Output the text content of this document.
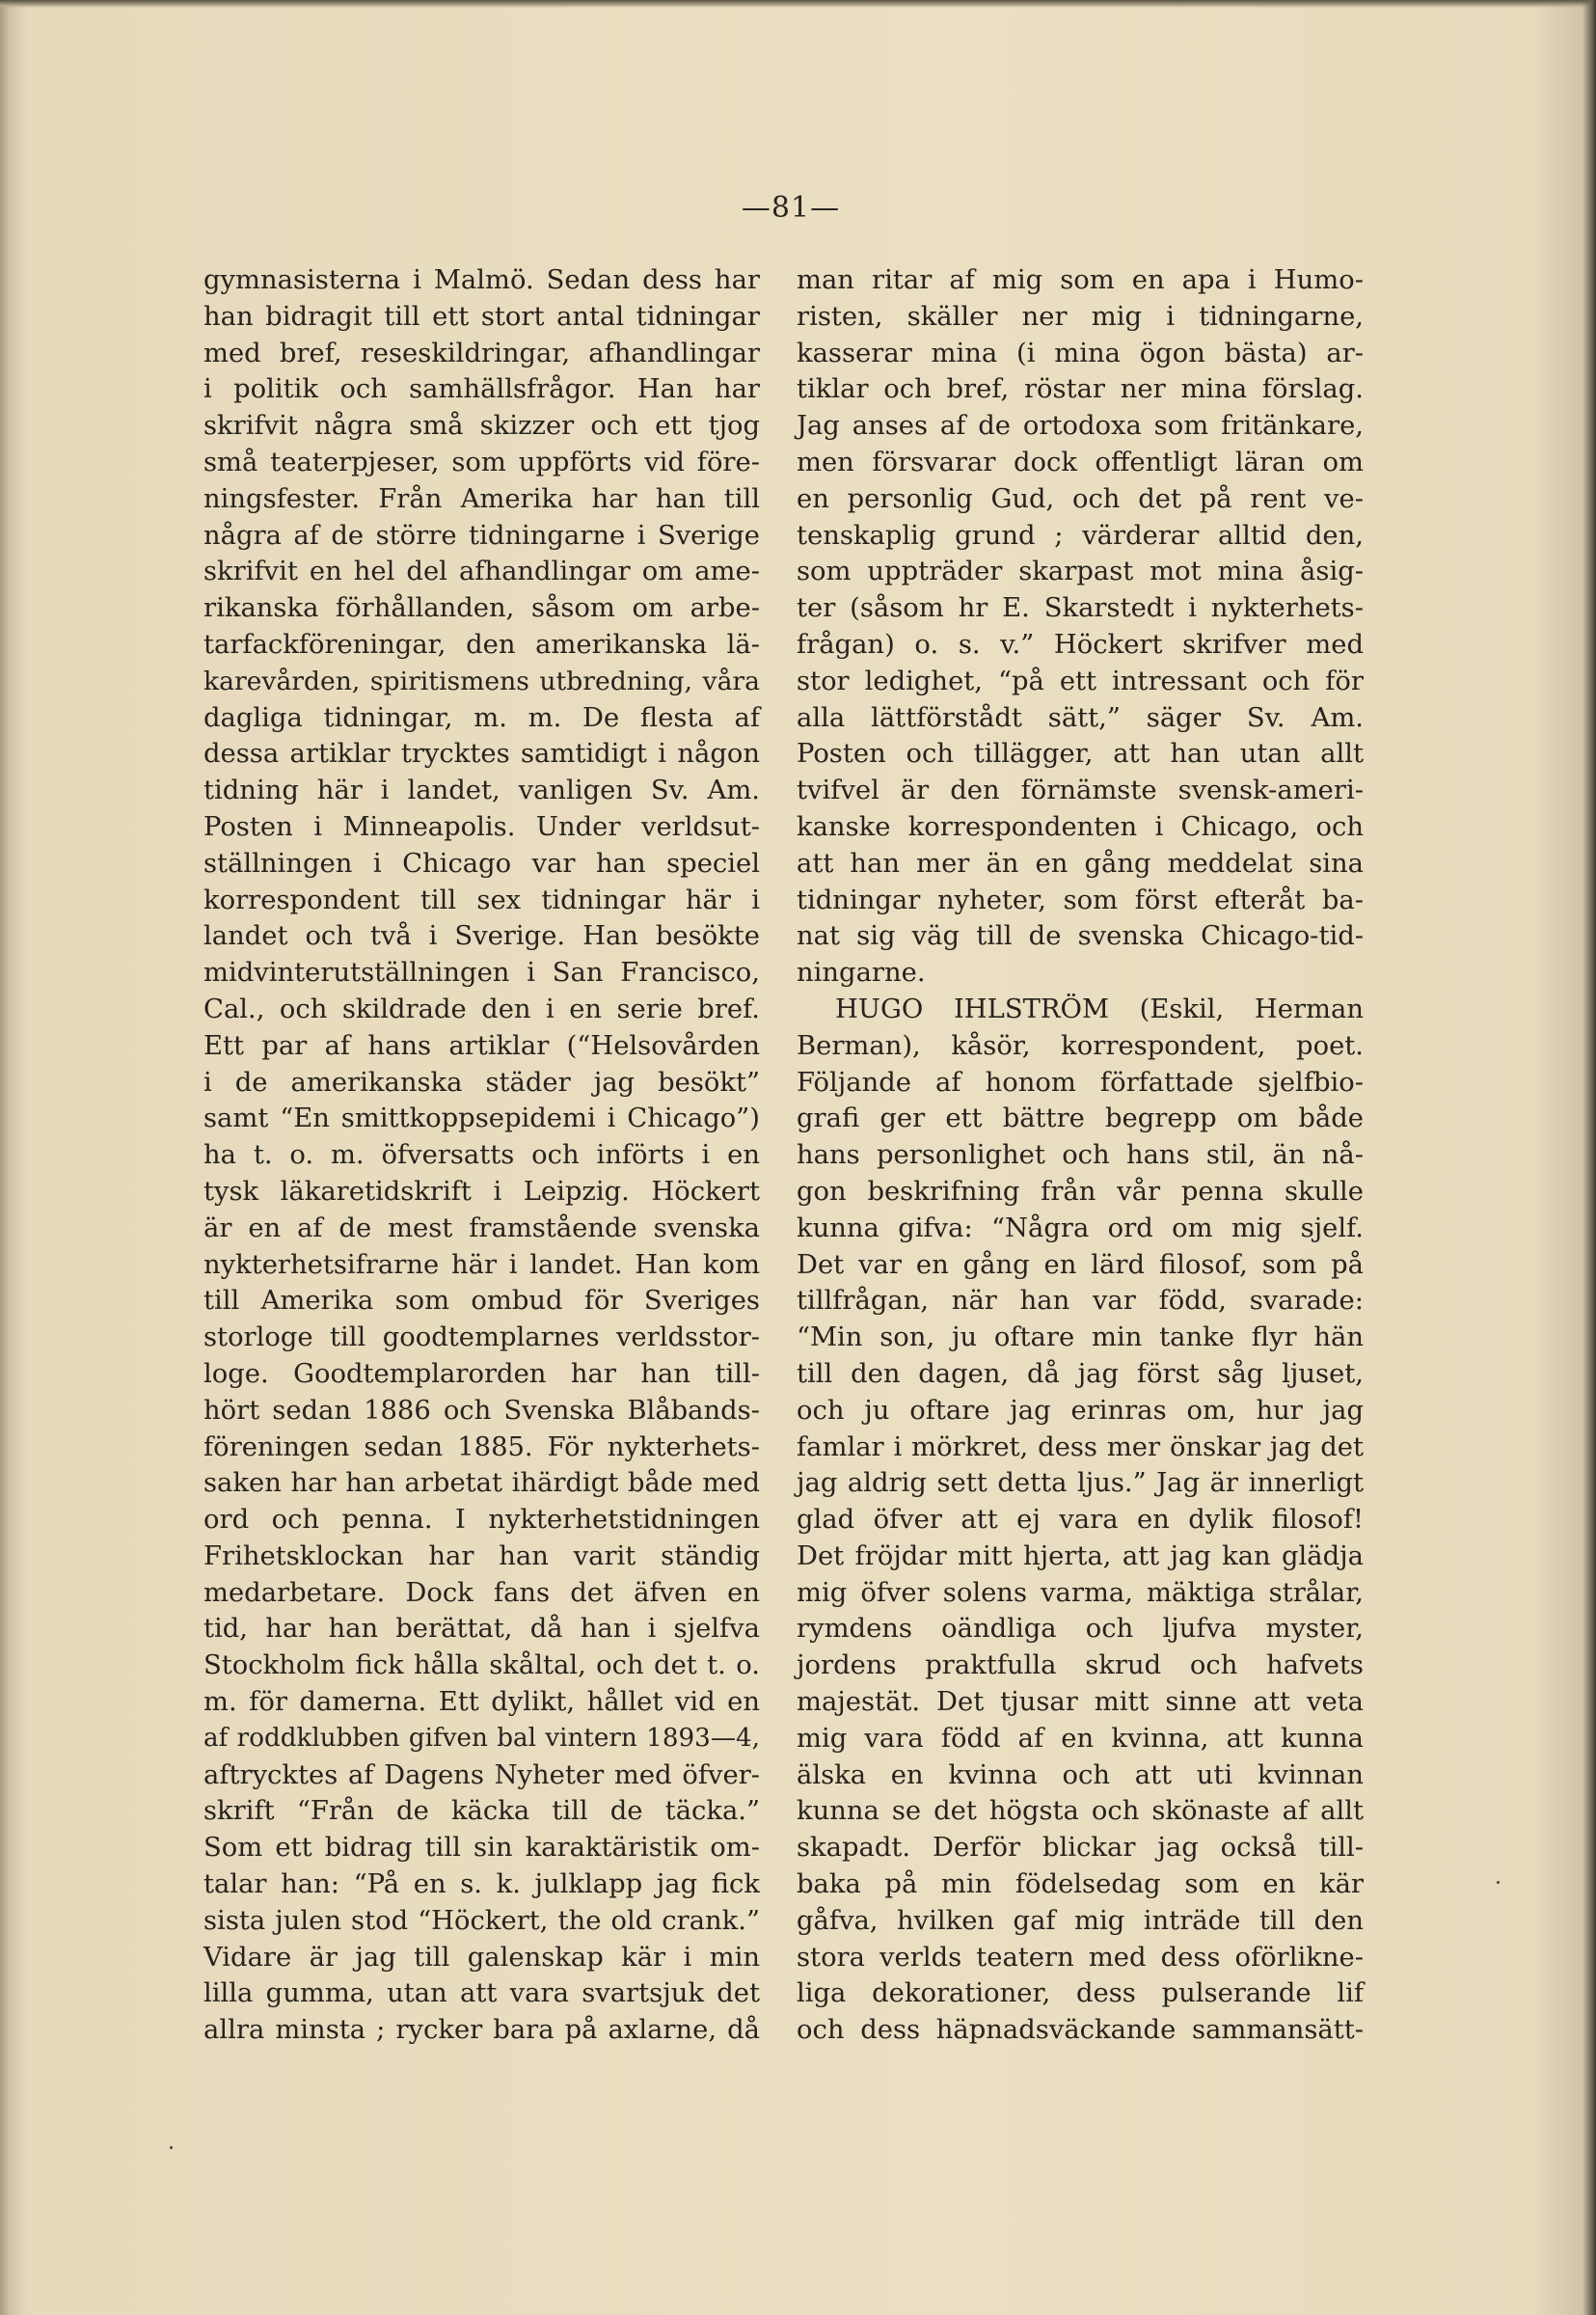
—81—
gymnasisterna i Malmö. Sedan dess har
han bidragit till ett stort antal tidningar
med bref, reseskildringar, afhandlingar
i politik och samhällsfrågor. Han har
skrifvit några små skizzer och ett tjog
små teaterpjeser, som uppförts vid före-
ningsfester. Från Amerika har han till
några af de större tidningarne i Sverige
skrifvit en hel del afhandlingar om ame-
rikanska förhållanden, såsom om arbe-
tarfackföreningar, den amerikanska lä-
karevården, spiritismens utbredning, våra
dagliga tidningar, m. m. De flesta af
dessa artiklar trycktes samtidigt i någon
tidning här i landet, vanligen Sv. Am.
Posten i Minneapolis. Under verldsut-
ställningen i Chicago var han speciel
korrespondent till sex tidningar här i
landet och två i Sverige. Han besökte
midvinterutställningen i San Francisco,
Cal., och skildrade den i en serie bref.
Ett par af hans artiklar (“Helsovården
i de amerikanska städer jag besökt”
samt “En smittkoppsepidemi i Chicago”)
ha t. o. m. öfversatts och införts i en
tysk läkaretidskrift i Leipzig. Höckert
är en af de mest framstående svenska
nykterhetsifrarne här i landet. Han kom
till Amerika som ombud för Sveriges
storloge till goodtemplarnes verldsstor-
loge. Goodtemplarorden har han till-
hört sedan 1886 och Svenska Blåbands-
föreningen sedan 1885. För nykterhets-
saken har han arbetat ihärdigt både med
ord och penna. I nykterhetstidningen
Frihetsklockan har han varit ständig
medarbetare. Dock fans det äfven en
tid, har han berättat, då han i sjelfva
Stockholm fick hålla skåltal, och det t. o.
m. för damerna. Ett dylikt, hållet vid en
af roddklubben gifven bal vintern 1893—4,
aftrycktes af Dagens Nyheter med öfver-
skrift “Från de käcka till de täcka.”
Som ett bidrag till sin karaktäristik om-
talar han: “På en s. k. julklapp jag fick
sista julen stod “Höckert, the old crank.”
Vidare är jag till galenskap kär i min
lilla gumma, utan att vara svartsjuk det
allra minsta ; rycker bara på axlarne, då
man ritar af mig som en apa i Humo-
risten, skäller ner mig i tidningarne,
kasserar mina (i mina ögon bästa) ar-
tiklar och bref, röstar ner mina förslag.
Jag anses af de ortodoxa som fritänkare,
men försvarar dock offentligt läran om
en personlig Gud, och det på rent ve-
tenskaplig grund ; värderar alltid den,
som uppträder skarpast mot mina åsig-
ter (såsom hr E. Skarstedt i nykterhets-
frågan) o. s. v.” Höckert skrifver med
stor ledighet, “på ett intressant och för
alla lättförstådt sätt,” säger Sv. Am.
Posten och tillägger, att han utan allt
tvifvel är den förnämste svensk-ameri-
kanske korrespondenten i Chicago, och
att han mer än en gång meddelat sina
tidningar nyheter, som först efteråt ba-
nat sig väg till de svenska Chicago-tid-
ningarne.
HUGO IHLSTRÖM (Eskil, Herman
Berman), kåsör, korrespondent, poet.
Följande af honom författade sjelfbio-
grafi ger ett bättre begrepp om både
hans personlighet och hans stil, än nå-
gon beskrifning från vår penna skulle
kunna gifva: “Några ord om mig sjelf.
Det var en gång en lärd filosof, som på
tillfrågan, när han var född, svarade:
“Min son, ju oftare min tanke flyr hän
till den dagen, då jag först såg ljuset,
och ju oftare jag erinras om, hur jag
famlar i mörkret, dess mer önskar jag det
jag aldrig sett detta ljus.” Jag är innerligt
glad öfver att ej vara en dylik filosof!
Det fröjdar mitt hjerta, att jag kan glädja
mig öfver solens varma, mäktiga strålar,
rymdens oändliga och ljufva myster,
jordens praktfulla skrud och hafvets
majestät. Det tjusar mitt sinne att veta
mig vara född af en kvinna, att kunna
älska en kvinna och att uti kvinnan
kunna se det högsta och skönaste af allt
skapadt. Derför blickar jag också till-
baka på min födelsedag som en kär
gåfva, hvilken gaf mig inträde till den
stora verlds teatern med dess oförlikne-
liga dekorationer, dess pulserande lif
och dess häpnadsväckande sammansätt-
